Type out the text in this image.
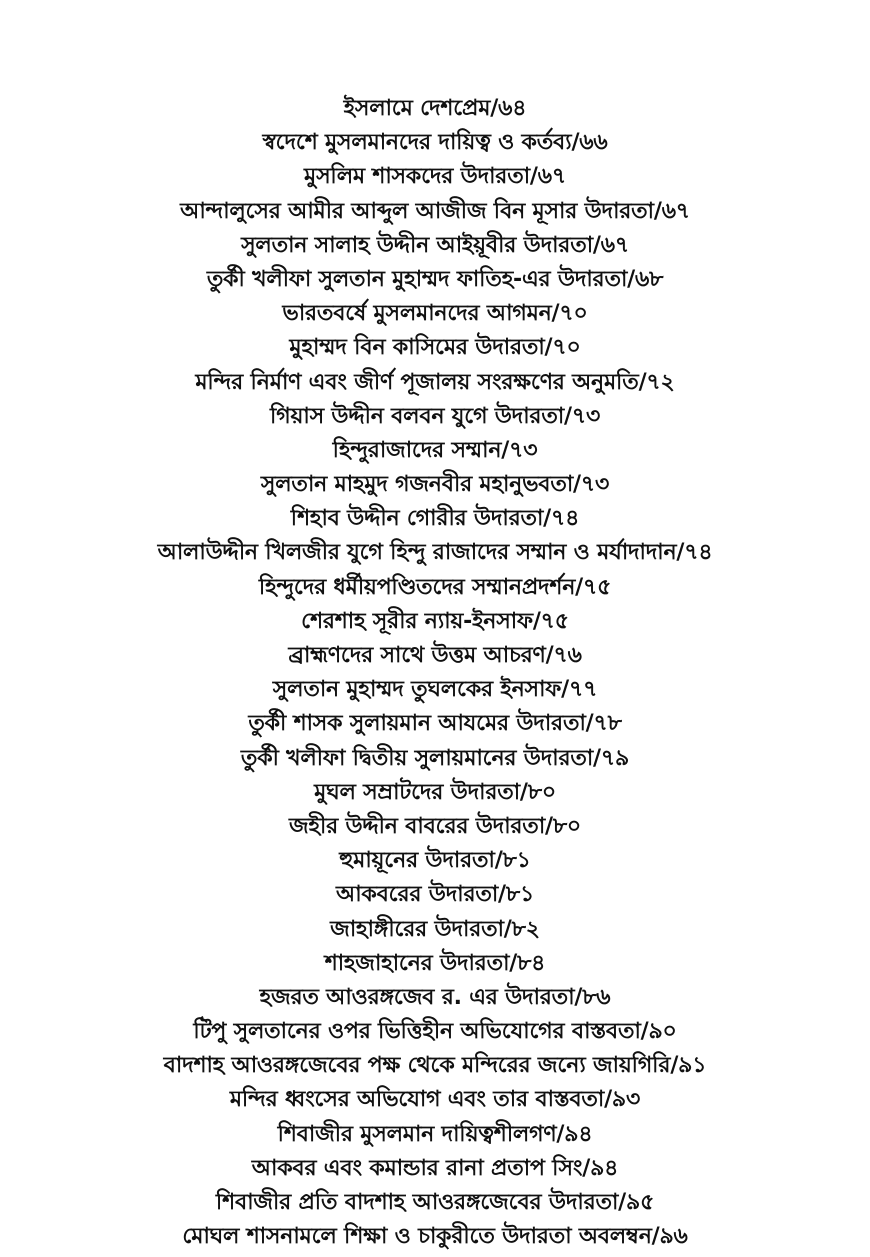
ইসলামে দেশপ্রেম/৬৪
স্বদেশে মুসলমানদের দায়িত্ব ও কর্তব্য/৬৬
মুসলিম শাসকদের উদারতা/৬৭
আন্দালুসের আমীর আব্দুল আজীজ বিন মূসার উদারতা/৬৭
সুলতান সালাহ উদ্দীন আইয়ূবীর উদারতা/৬৭
তুর্কী খলীফা সুলতান মুহাম্মদ ফাতিহ-এর উদারতা/৬৮
ভারতবর্ষে মুসলমানদের আগমন/৭০
মুহাম্মদ বিন কাসিমের উদারতা/৭০
মন্দির নির্মাণ এবং জীর্ণ পূজালয় সংরক্ষণের অনুমতি/৭২
গিয়াস উদ্দীন বলবন যুগে উদারতা/৭৩
হিন্দুরাজাদের সম্মান/৭৩
সুলতান মাহমুদ গজনবীর মহানুভবতা/৭৩
শিহাব উদ্দীন গোরীর উদারতা/৭৪
আলাউদ্দীন খিলজীর যুগে হিন্দু রাজাদের সম্মান ও মর্যাদাদান/৭৪
হিন্দুদের ধর্মীয়পণ্ডিতদের সম্মানপ্রদর্শন/৭৫
শেরশাহ সূরীর ন্যায়-ইনসাফ/৭৫
ব্রাহ্মণদের সাথে উত্তম আচরণ/৭৬
সুলতান মুহাম্মদ তুঘলকের ইনসাফ/৭৭
তুর্কী শাসক সুলায়মান আযমের উদারতা/৭৮
তুর্কী খলীফা দ্বিতীয় সুলায়মানের উদারতা/৭৯
মুঘল সম্রাটদের উদারতা/৮০
জহীর উদ্দীন বাবরের উদারতা/৮০
হুমায়ূনের উদারতা/৮১
আকবরের উদারতা/৮১
জাহাঙ্গীরের উদারতা/৮২
শাহজাহানের উদারতা/৮৪
হজরত আওরঙ্গজেব র. এর উদারতা/৮৬
টিপু সুলতানের ওপর ভিত্তিহীন অভিযোগের বাস্তবতা/৯০
বাদশাহ আওরঙ্গজেবের পক্ষ থেকে মন্দিরের জন্যে জায়গিরি/৯১
মন্দির ধ্বংসের অভিযোগ এবং তার বাস্তবতা/৯৩
শিবাজীর মুসলমান দায়িত্বশীলগণ/৯৪
আকবর এবং কমান্ডার রানা প্রতাপ সিং/৯৪
শিবাজীর প্রতি বাদশাহ আওরঙ্গজেবের উদারতা/৯৫
মোঘল শাসনামলে শিক্ষা ও চাকুরীতে উদারতা অবলম্বন/৯৬
